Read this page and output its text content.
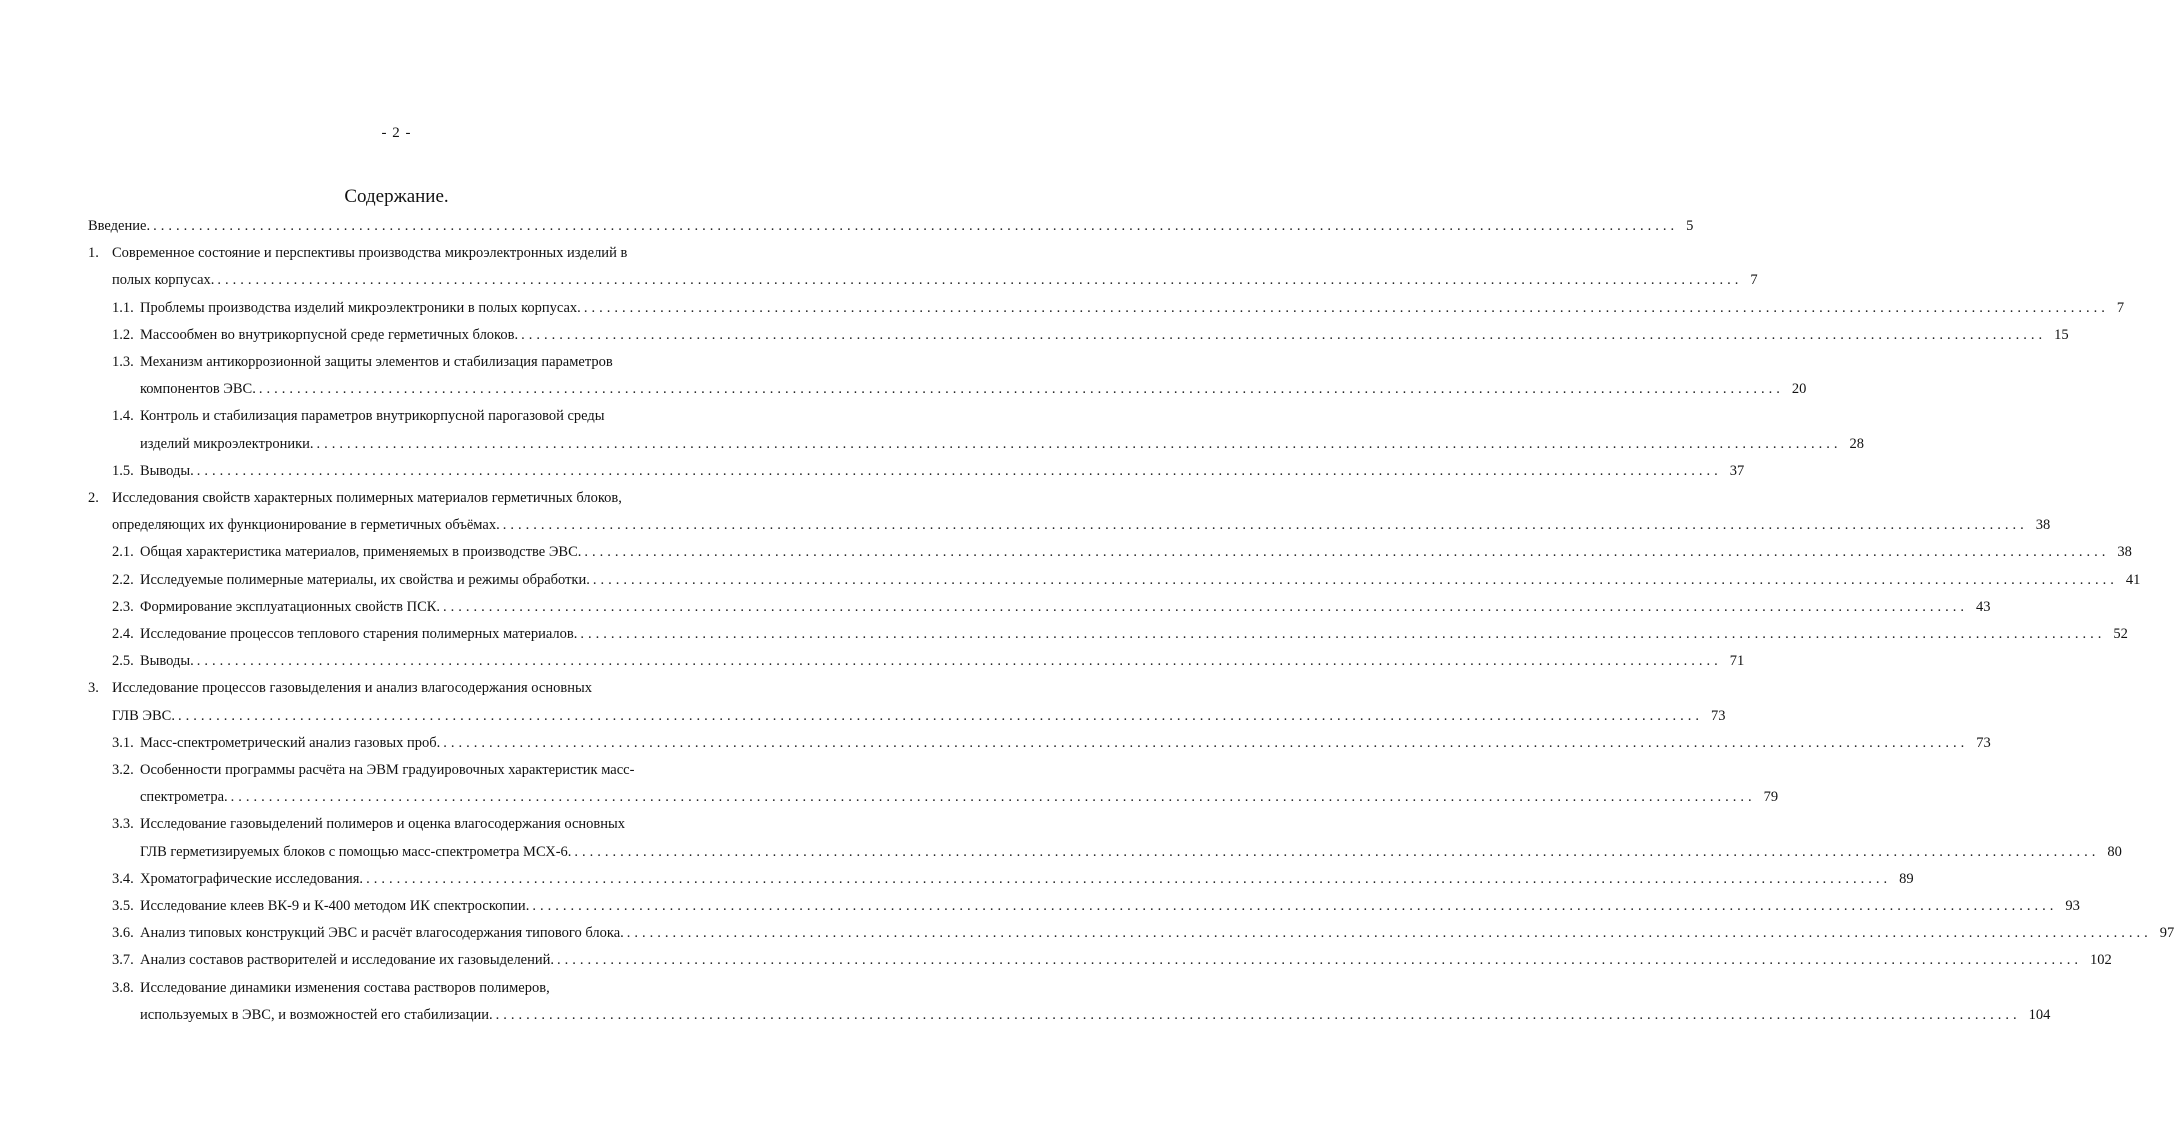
- 2 -
Содержание.
Введение. ........................................................................................................................................................................................................ 5
1. Современное состояние и перспективы производства микроэлектронных изделий в
полых корпусах. ........................................................................................................................................................................................................ 7
1.1. Проблемы производства изделий микроэлектроники в полых корпусах. ........................................................................................................................................................................................................ 7
1.2. Массообмен во внутрикорпусной среде герметичных блоков. ........................................................................................................................................................................................................ 15
1.3. Механизм антикоррозионной защиты элементов и стабилизация параметров
компонентов ЭВС. ........................................................................................................................................................................................................ 20
1.4. Контроль и стабилизация параметров внутрикорпусной парогазовой среды
изделий микроэлектроники. ........................................................................................................................................................................................................ 28
1.5. Выводы. ........................................................................................................................................................................................................ 37
2. Исследования свойств характерных полимерных материалов герметичных блоков,
определяющих их функционирование в герметичных объёмах. ........................................................................................................................................................................................................ 38
2.1. Общая характеристика материалов, применяемых в производстве ЭВС. ........................................................................................................................................................................................................ 38
2.2. Исследуемые полимерные материалы, их свойства и режимы обработки. ........................................................................................................................................................................................................ 41
2.3. Формирование эксплуатационных свойств ПСК. ........................................................................................................................................................................................................ 43
2.4. Исследование процессов теплового старения полимерных материалов. ........................................................................................................................................................................................................ 52
2.5. Выводы. ........................................................................................................................................................................................................ 71
3. Исследование процессов газовыделения и анализ влагосодержания основных
ГЛВ ЭВС. ........................................................................................................................................................................................................ 73
3.1. Масс-спектрометрический анализ газовых проб. ........................................................................................................................................................................................................ 73
3.2. Особенности программы расчёта на ЭВМ градуировочных характеристик масс-
спектрометра. ........................................................................................................................................................................................................ 79
3.3. Исследование газовыделений полимеров и оценка влагосодержания основных
ГЛВ герметизируемых блоков с помощью масс-спектрометра МСХ-6. ........................................................................................................................................................................................................ 80
3.4. Хроматографические исследования. ........................................................................................................................................................................................................ 89
3.5. Исследование клеев ВК-9 и К-400 методом ИК спектроскопии. ........................................................................................................................................................................................................ 93
3.6. Анализ типовых конструкций ЭВС и расчёт влагосодержания типового блока. ........................................................................................................................................................................................................ 97
3.7. Анализ составов растворителей и исследование их газовыделений. ........................................................................................................................................................................................................ 102
3.8. Исследование динамики изменения состава растворов полимеров,
используемых в ЭВС, и возможностей его стабилизации. ........................................................................................................................................................................................................ 104
